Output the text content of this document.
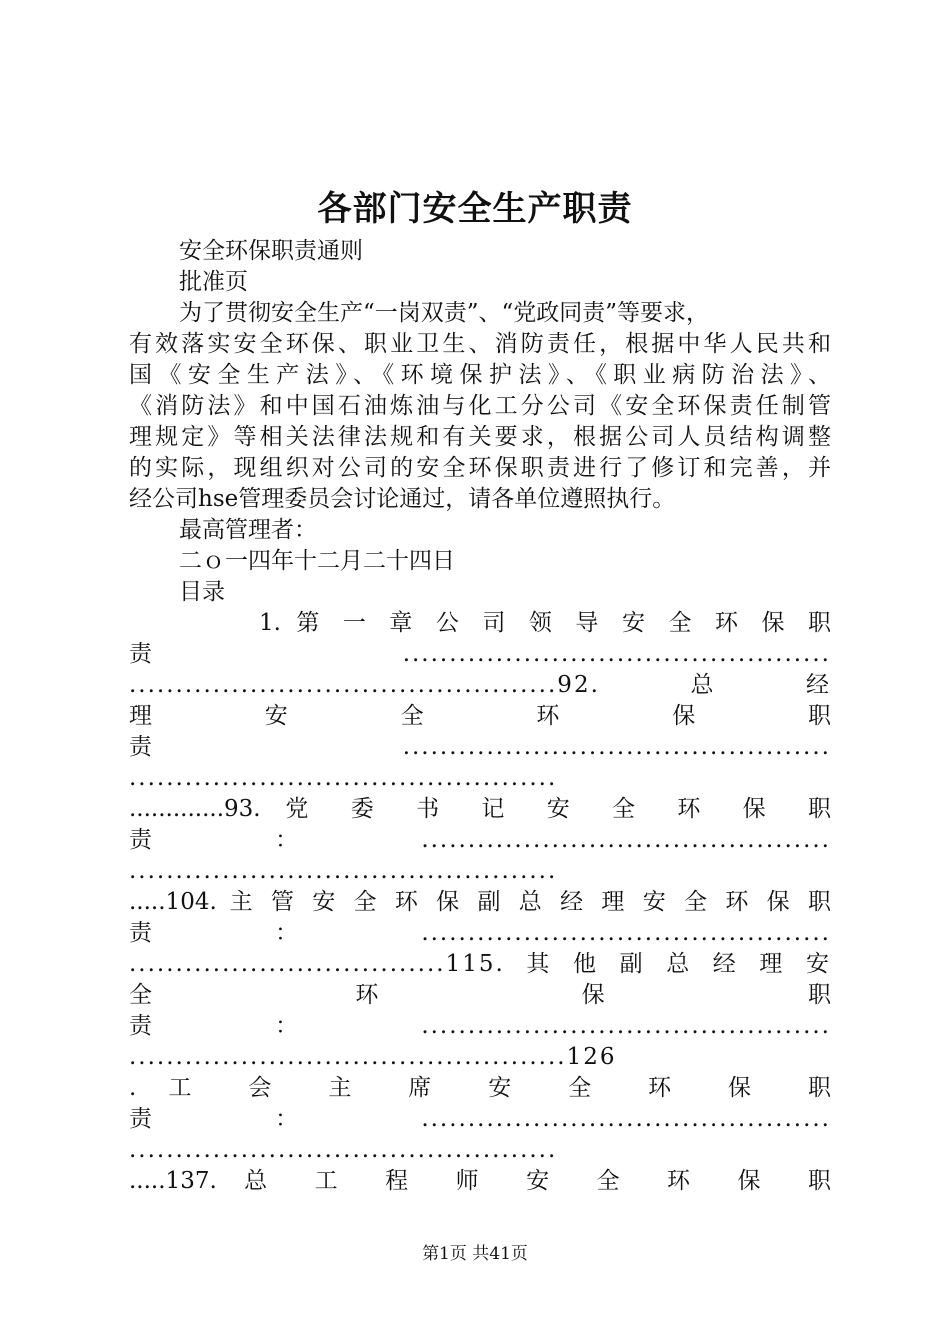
各部门安全生产职责
安全环保职责通则
批准页
为了贯彻安全生产“一岗双责”、“党政同责”等要求，
有效落实安全环保、职业卫生、消防责任，根据中华人民共和
国《安全生产法》、《环境保护法》、《职业病防治法》、
《消防法》和中国石油炼油与化工分公司《安全环保责任制管
理规定》等相关法律法规和有关要求，根据公司人员结构调整
的实际，现组织对公司的安全环保职责进行了修订和完善，并
经公司hse管理委员会讨论通过，请各单位遵照执行。
最高管理者：
二ｏ一四年十二月二十四日
目录
1. 第 一 章 公 司 领 导 安 全 环 保 职
责..............................................
..............................................92.总经
理 安 全 环 保 职
责..............................................
..............................................
.............93. 党 委 书 记 安 全 环 保 职
责：............................................
..............................................
.....104. 主 管 安 全 环 保 副 总 经 理 安 全 环 保 职
责：............................................
..................................115.其他副总经理安
全 环 保 职
责：............................................
...............................................126
. 工 会 主 席 安 全 环 保 职
责：............................................
..............................................
.....137. 总 工 程 师 安 全 环 保 职
第1页 共41页
